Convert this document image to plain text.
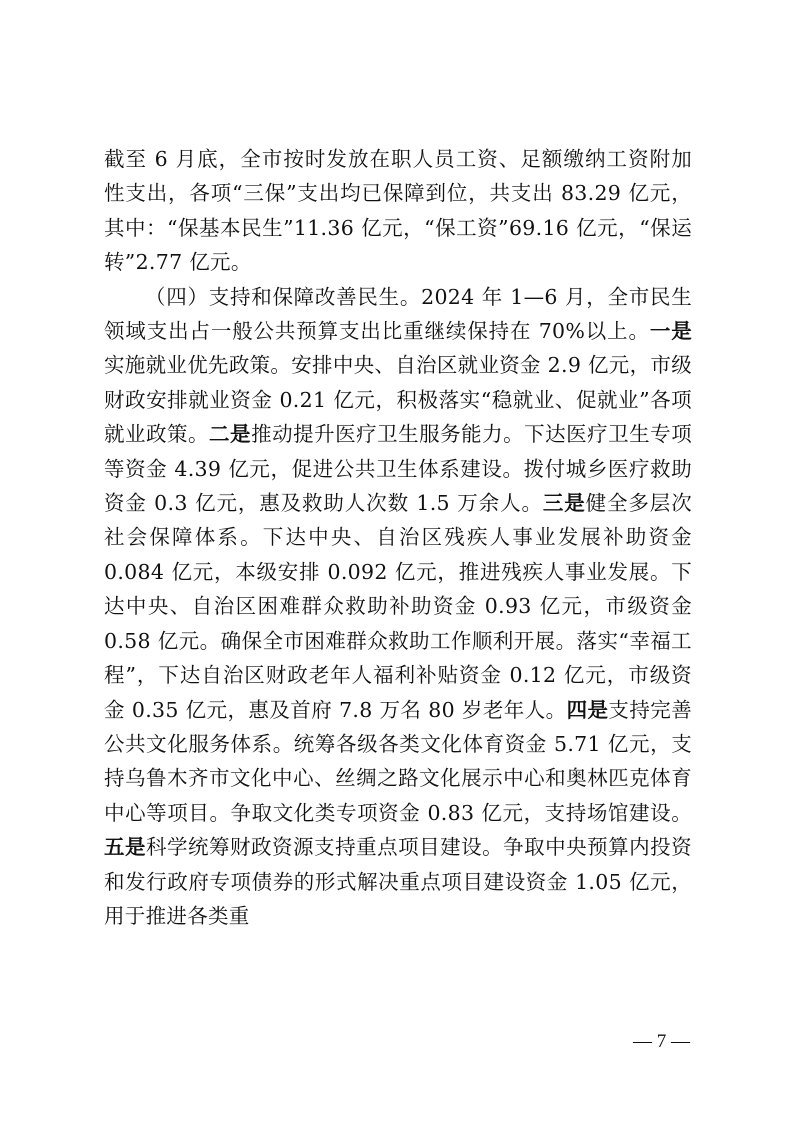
截至 6 月底，全市按时发放在职人员工资、足额缴纳工资附加性支出，各项“三保”支出均已保障到位，共支出 83.29 亿元，其中：“保基本民生”11.36 亿元，“保工资”69.16 亿元，“保运转”2.77 亿元。

（四）支持和保障改善民生。2024 年 1—6 月，全市民生领域支出占一般公共预算支出比重继续保持在 70%以上。一是实施就业优先政策。安排中央、自治区就业资金 2.9 亿元，市级财政安排就业资金 0.21 亿元，积极落实“稳就业、促就业”各项就业政策。二是推动提升医疗卫生服务能力。下达医疗卫生专项等资金 4.39 亿元，促进公共卫生体系建设。拨付城乡医疗救助资金 0.3 亿元，惠及救助人次数 1.5 万余人。三是健全多层次社会保障体系。下达中央、自治区残疾人事业发展补助资金 0.084 亿元，本级安排 0.092 亿元，推进残疾人事业发展。下达中央、自治区困难群众救助补助资金 0.93 亿元，市级资金 0.58 亿元。确保全市困难群众救助工作顺利开展。落实“幸福工程”，下达自治区财政老年人福利补贴资金 0.12 亿元，市级资金 0.35 亿元，惠及首府 7.8 万名 80 岁老年人。四是支持完善公共文化服务体系。统筹各级各类文化体育资金 5.71 亿元，支持乌鲁木齐市文化中心、丝绸之路文化展示中心和奥林匹克体育中心等项目。争取文化类专项资金 0.83 亿元，支持场馆建设。五是科学统筹财政资源支持重点项目建设。争取中央预算内投资和发行政府专项债券的形式解决重点项目建设资金 1.05 亿元，用于推进各类重

— 7 —
